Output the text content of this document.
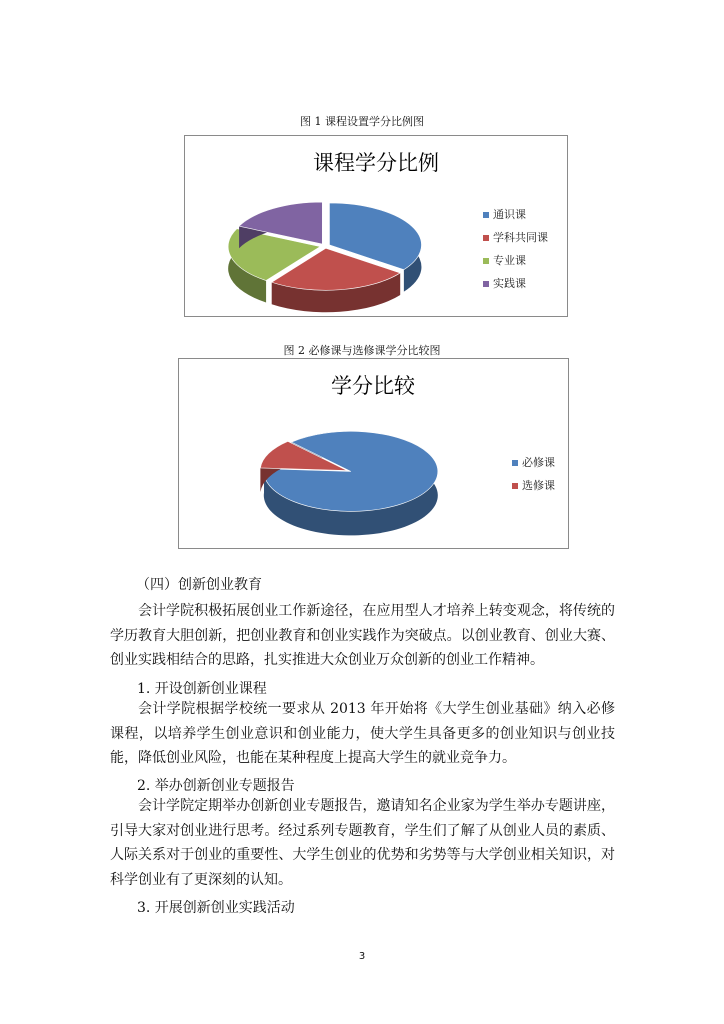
图 1 课程设置学分比例图
课程学分比例
通识课
学科共同课
专业课
实践课
图 2 必修课与选修课学分比较图
学分比较
必修课
选修课
（四）创新创业教育
会计学院积极拓展创业工作新途径，在应用型人才培养上转变观念，将传统的学历教育大胆创新，把创业教育和创业实践作为突破点。以创业教育、创业大赛、创业实践相结合的思路，扎实推进大众创业万众创新的创业工作精神。
1. 开设创新创业课程
会计学院根据学校统一要求从 2013 年开始将《大学生创业基础》纳入必修课程，以培养学生创业意识和创业能力，使大学生具备更多的创业知识与创业技能，降低创业风险，也能在某种程度上提高大学生的就业竞争力。
2. 举办创新创业专题报告
会计学院定期举办创新创业专题报告，邀请知名企业家为学生举办专题讲座，引导大家对创业进行思考。经过系列专题教育，学生们了解了从创业人员的素质、人际关系对于创业的重要性、大学生创业的优势和劣势等与大学创业相关知识，对科学创业有了更深刻的认知。
3. 开展创新创业实践活动
3
